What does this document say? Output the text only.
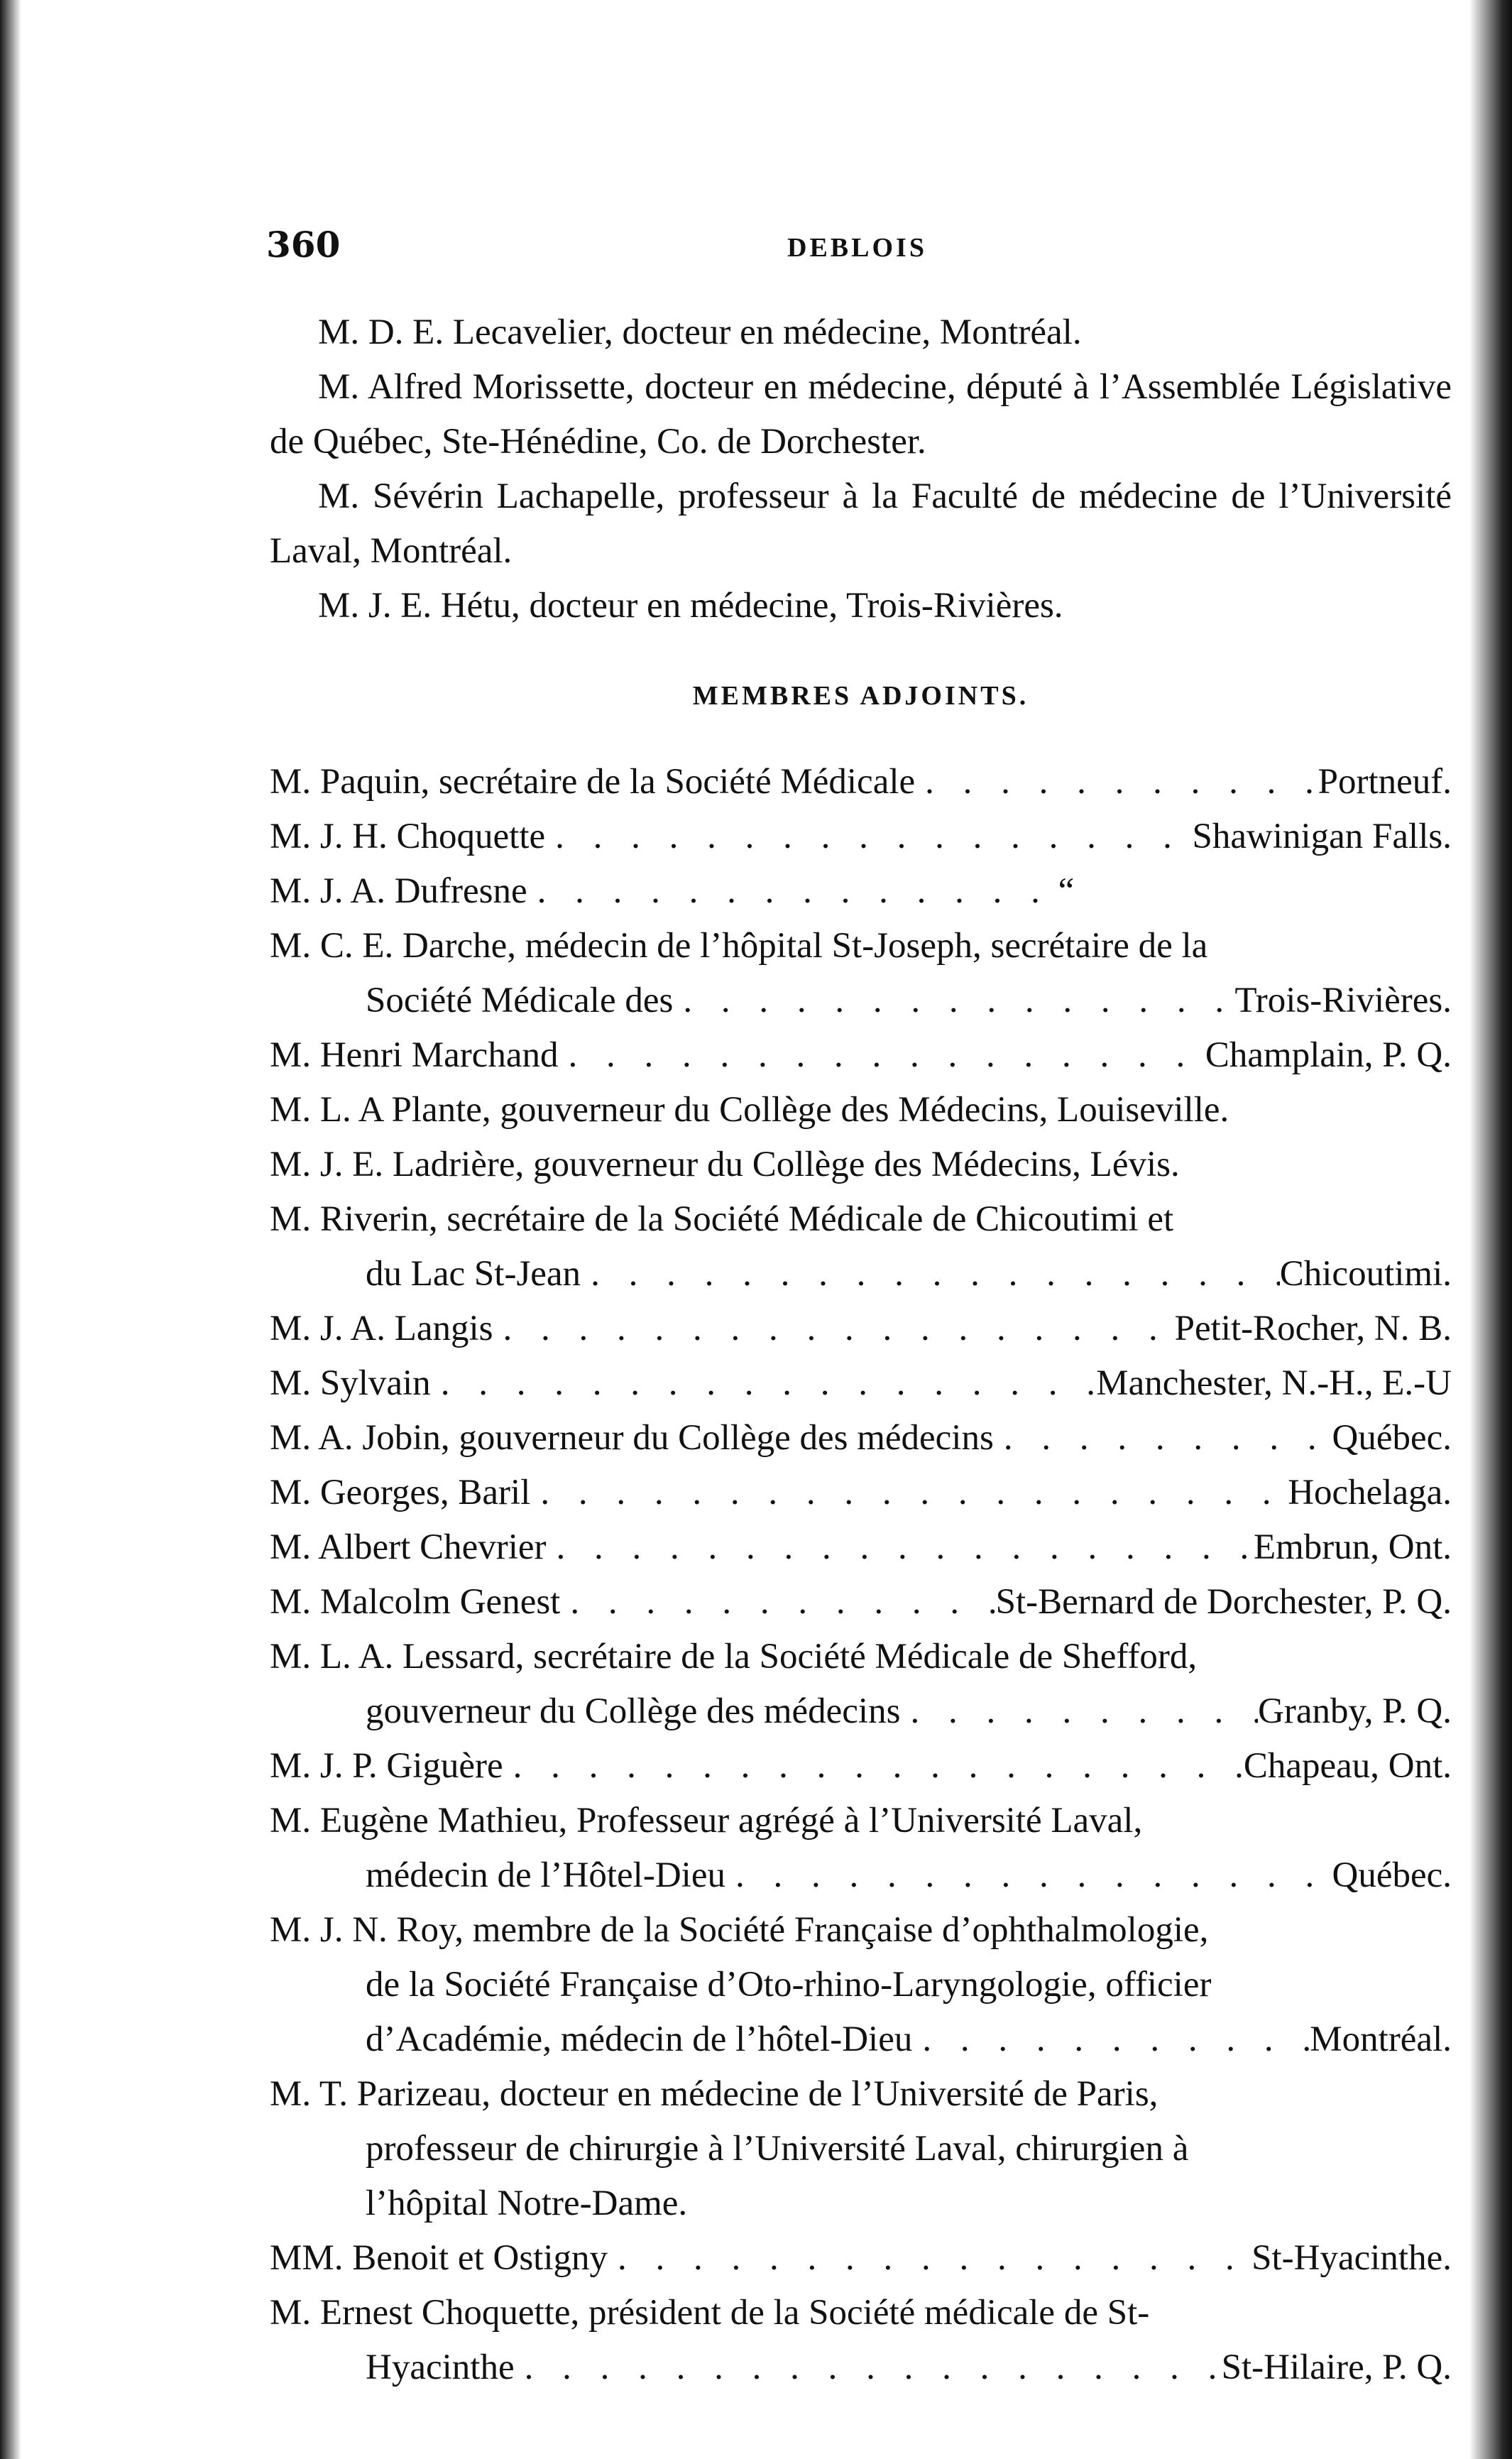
360	DEBLOIS

M. D. E. Lecavelier, docteur en médecine, Montréal.

M. Alfred Morissette, docteur en médecine, député à l’Assemblée Législative de Québec, Ste-Hénédine, Co. de Dorchester.

M. Sévérin Lachapelle, professeur à la Faculté de médecine de l’Université Laval, Montréal.

M. J. E. Hétu, docteur en médecine, Trois-Rivières.

MEMBRES ADJOINTS.
M. Paquin, secrétaire de la Société Médicale . . .	Portneuf.
M. J. H. Choquette . . .	Shawinigan Falls.
M. J. A. Dufresne . . .	“
M. C. E. Darche, médecin de l’hôpital St-Joseph, secrétaire de la
Société Médicale des . . .	Trois-Rivières.
M. Henri Marchand . . .	Champlain, P. Q.
M. L. A Plante, gouverneur du Collège des Médecins, Louiseville.
M. J. E. Ladrière, gouverneur du Collège des Médecins, Lévis.
M. Riverin, secrétaire de la Société Médicale de Chicoutimi et
du Lac St-Jean . . .	Chicoutimi.
M. J. A. Langis . . .	Petit-Rocher, N. B.
M. Sylvain . . .	Manchester, N.-H., E.-U
M. A. Jobin, gouverneur du Collège des médecins . . .	Québec.
M. Georges, Baril . . .	Hochelaga.
M. Albert Chevrier . . .	Embrun, Ont.
M. Malcolm Genest . . .	St-Bernard de Dorchester, P. Q.
M. L. A. Lessard, secrétaire de la Société Médicale de Shefford,
gouverneur du Collège des médecins . . .	Granby, P. Q.
M. J. P. Giguère . . .	Chapeau, Ont.
M. Eugène Mathieu, Professeur agrégé à l’Université Laval,
médecin de l’Hôtel-Dieu . . .	Québec.
M. J. N. Roy, membre de la Société Française d’ophthalmologie,
de la Société Française d’Oto-rhino-Laryngologie, officier
d’Académie, médecin de l’hôtel-Dieu . . .	Montréal.
M. T. Parizeau, docteur en médecine de l’Université de Paris,
professeur de chirurgie à l’Université Laval, chirurgien à
l’hôpital Notre-Dame.
MM. Benoit et Ostigny . . .	St-Hyacinthe.
M. Ernest Choquette, président de la Société médicale de St-
Hyacinthe . . .	St-Hilaire, P. Q.
